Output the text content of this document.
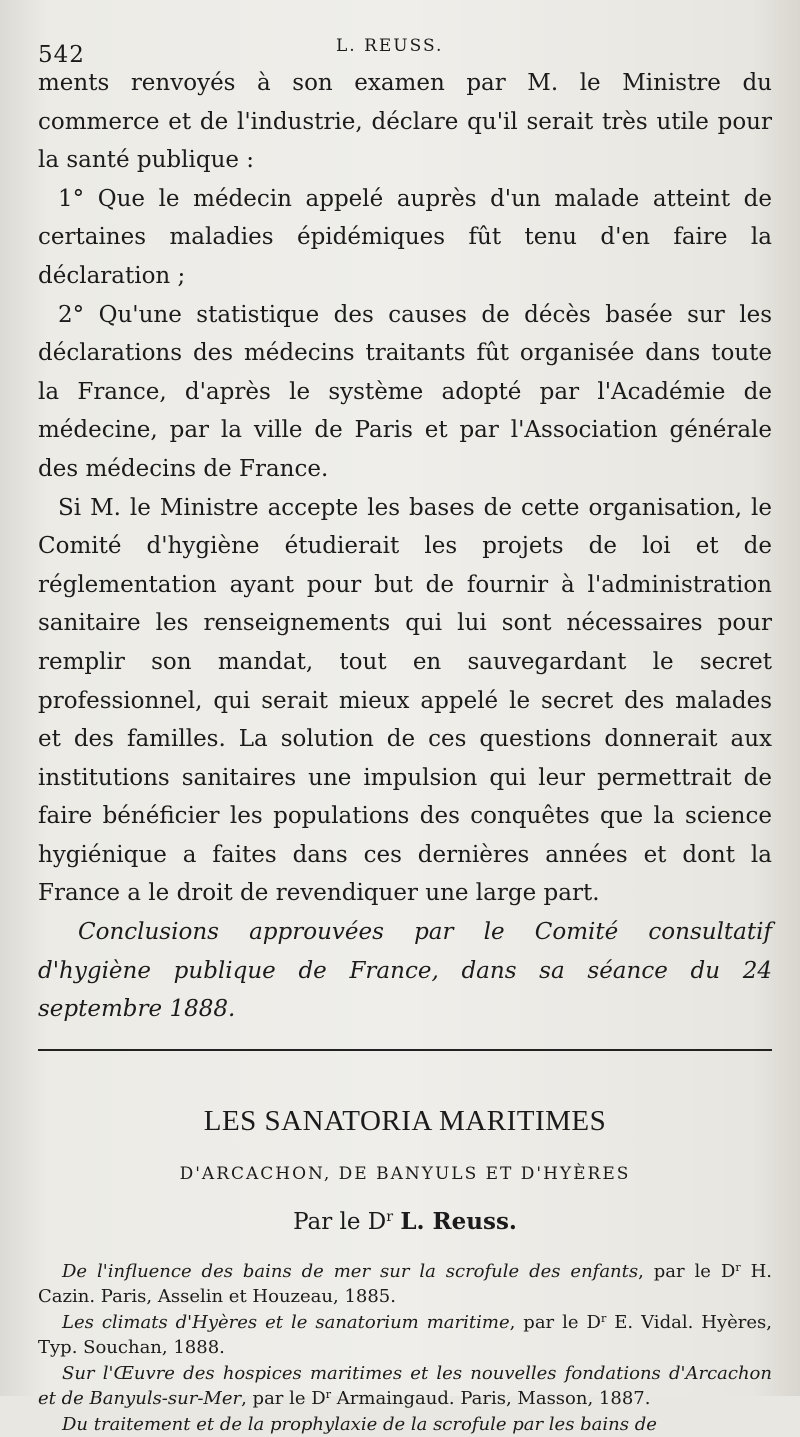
542	L. REUSS.

ments renvoyés à son examen par M. le Ministre du commerce et de l'industrie, déclare qu'il serait très utile pour la santé publique :

1° Que le médecin appelé auprès d'un malade atteint de certaines maladies épidémiques fût tenu d'en faire la déclaration ;

2° Qu'une statistique des causes de décès basée sur les déclarations des médecins traitants fût organisée dans toute la France, d'après le système adopté par l'Académie de médecine, par la ville de Paris et par l'Association générale des médecins de France.

Si M. le Ministre accepte les bases de cette organisation, le Comité d'hygiène étudierait les projets de loi et de réglementation ayant pour but de fournir à l'administration sanitaire les renseignements qui lui sont nécessaires pour remplir son mandat, tout en sauvegardant le secret professionnel, qui serait mieux appelé le secret des malades et des familles. La solution de ces questions donnerait aux institutions sanitaires une impulsion qui leur permettrait de faire bénéficier les populations des conquêtes que la science hygiénique a faites dans ces dernières années et dont la France a le droit de revendiquer une large part.

Conclusions approuvées par le Comité consultatif d'hygiène publique de France, dans sa séance du 24 septembre 1888.

LES SANATORIA MARITIMES
D'ARCACHON, DE BANYULS ET D'HYÈRES
Par le $D^r$ L. Reuss.

De l'influence des bains de mer sur la scrofule des enfants, par le $D^r$ H. Cazin. Paris, Asselin et Houzeau, 1885.

Les climats d'Hyères et le sanatorium maritime, par le $D^r$ E. Vidal. Hyères, Typ. Souchan, 1888.

Sur l'Œuvre des hospices maritimes et les nouvelles fondations d'Arcachon et de Banyuls-sur-Mer, par le $D^r$ Armaingaud. Paris, Masson, 1887.

Du traitement et de la prophylaxie de la scrofule par les bains de
